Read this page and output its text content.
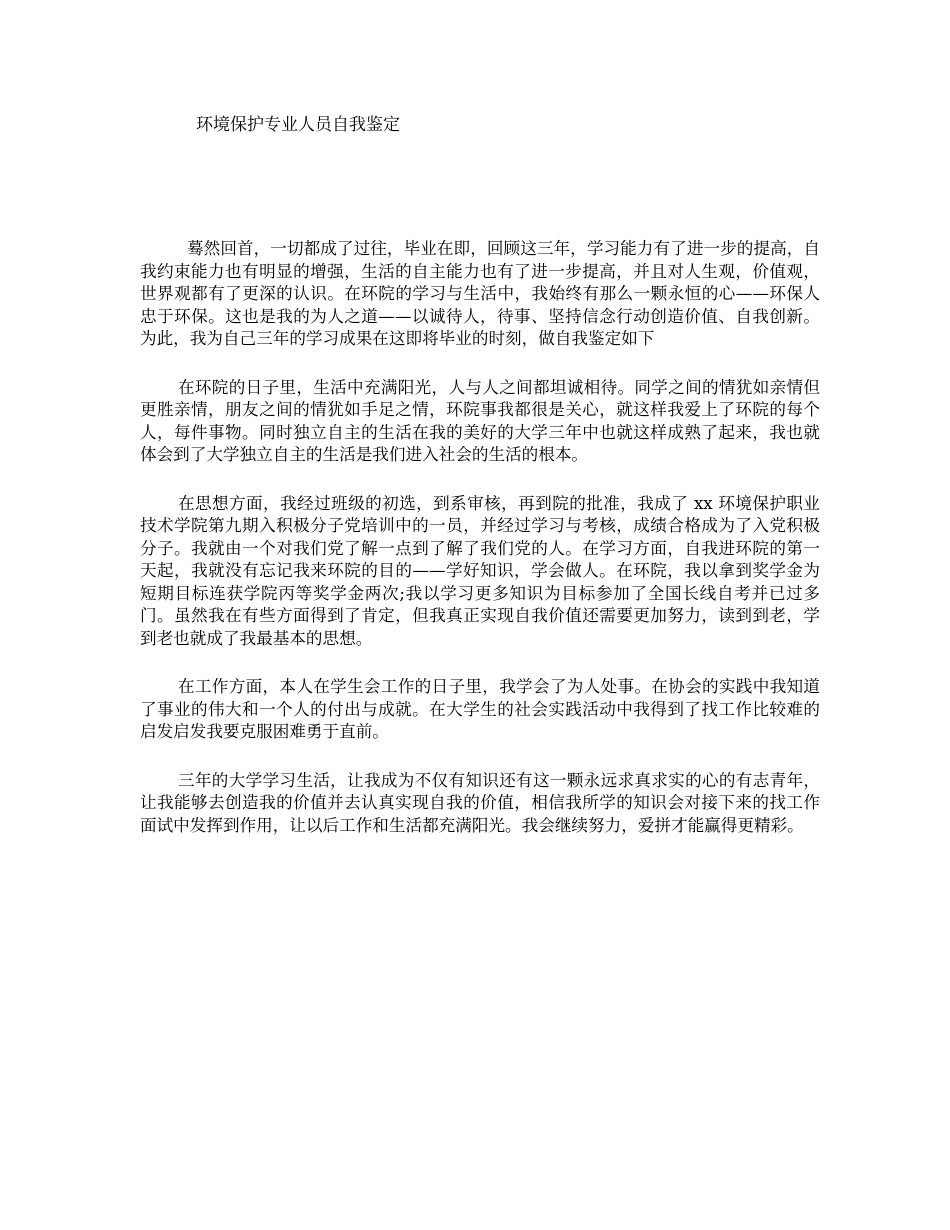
环境保护专业人员自我鉴定

蓦然回首，一切都成了过往，毕业在即，回顾这三年，学习能力有了进一步的提高，自我约束能力也有明显的增强，生活的自主能力也有了进一步提高，并且对人生观，价值观，世界观都有了更深的认识。在环院的学习与生活中，我始终有那么一颗永恒的心——环保人忠于环保。这也是我的为人之道——以诚待人，待事、坚持信念行动创造价值、自我创新。为此，我为自己三年的学习成果在这即将毕业的时刻，做自我鉴定如下

在环院的日子里，生活中充满阳光，人与人之间都坦诚相待。同学之间的情犹如亲情但更胜亲情，朋友之间的情犹如手足之情，环院事我都很是关心，就这样我爱上了环院的每个人，每件事物。同时独立自主的生活在我的美好的大学三年中也就这样成熟了起来，我也就体会到了大学独立自主的生活是我们进入社会的生活的根本。

在思想方面，我经过班级的初选，到系审核，再到院的批准，我成了 xx 环境保护职业技术学院第九期入积极分子党培训中的一员，并经过学习与考核，成绩合格成为了入党积极分子。我就由一个对我们党了解一点到了解了我们党的人。在学习方面，自我进环院的第一天起，我就没有忘记我来环院的目的——学好知识，学会做人。在环院，我以拿到奖学金为短期目标连获学院丙等奖学金两次;我以学习更多知识为目标参加了全国长线自考并已过多门。虽然我在有些方面得到了肯定，但我真正实现自我价值还需要更加努力，读到到老，学到老也就成了我最基本的思想。

在工作方面，本人在学生会工作的日子里，我学会了为人处事。在协会的实践中我知道了事业的伟大和一个人的付出与成就。在大学生的社会实践活动中我得到了找工作比较难的启发启发我要克服困难勇于直前。

三年的大学学习生活，让我成为不仅有知识还有这一颗永远求真求实的心的有志青年，让我能够去创造我的价值并去认真实现自我的价值，相信我所学的知识会对接下来的找工作面试中发挥到作用，让以后工作和生活都充满阳光。我会继续努力，爱拼才能赢得更精彩。
